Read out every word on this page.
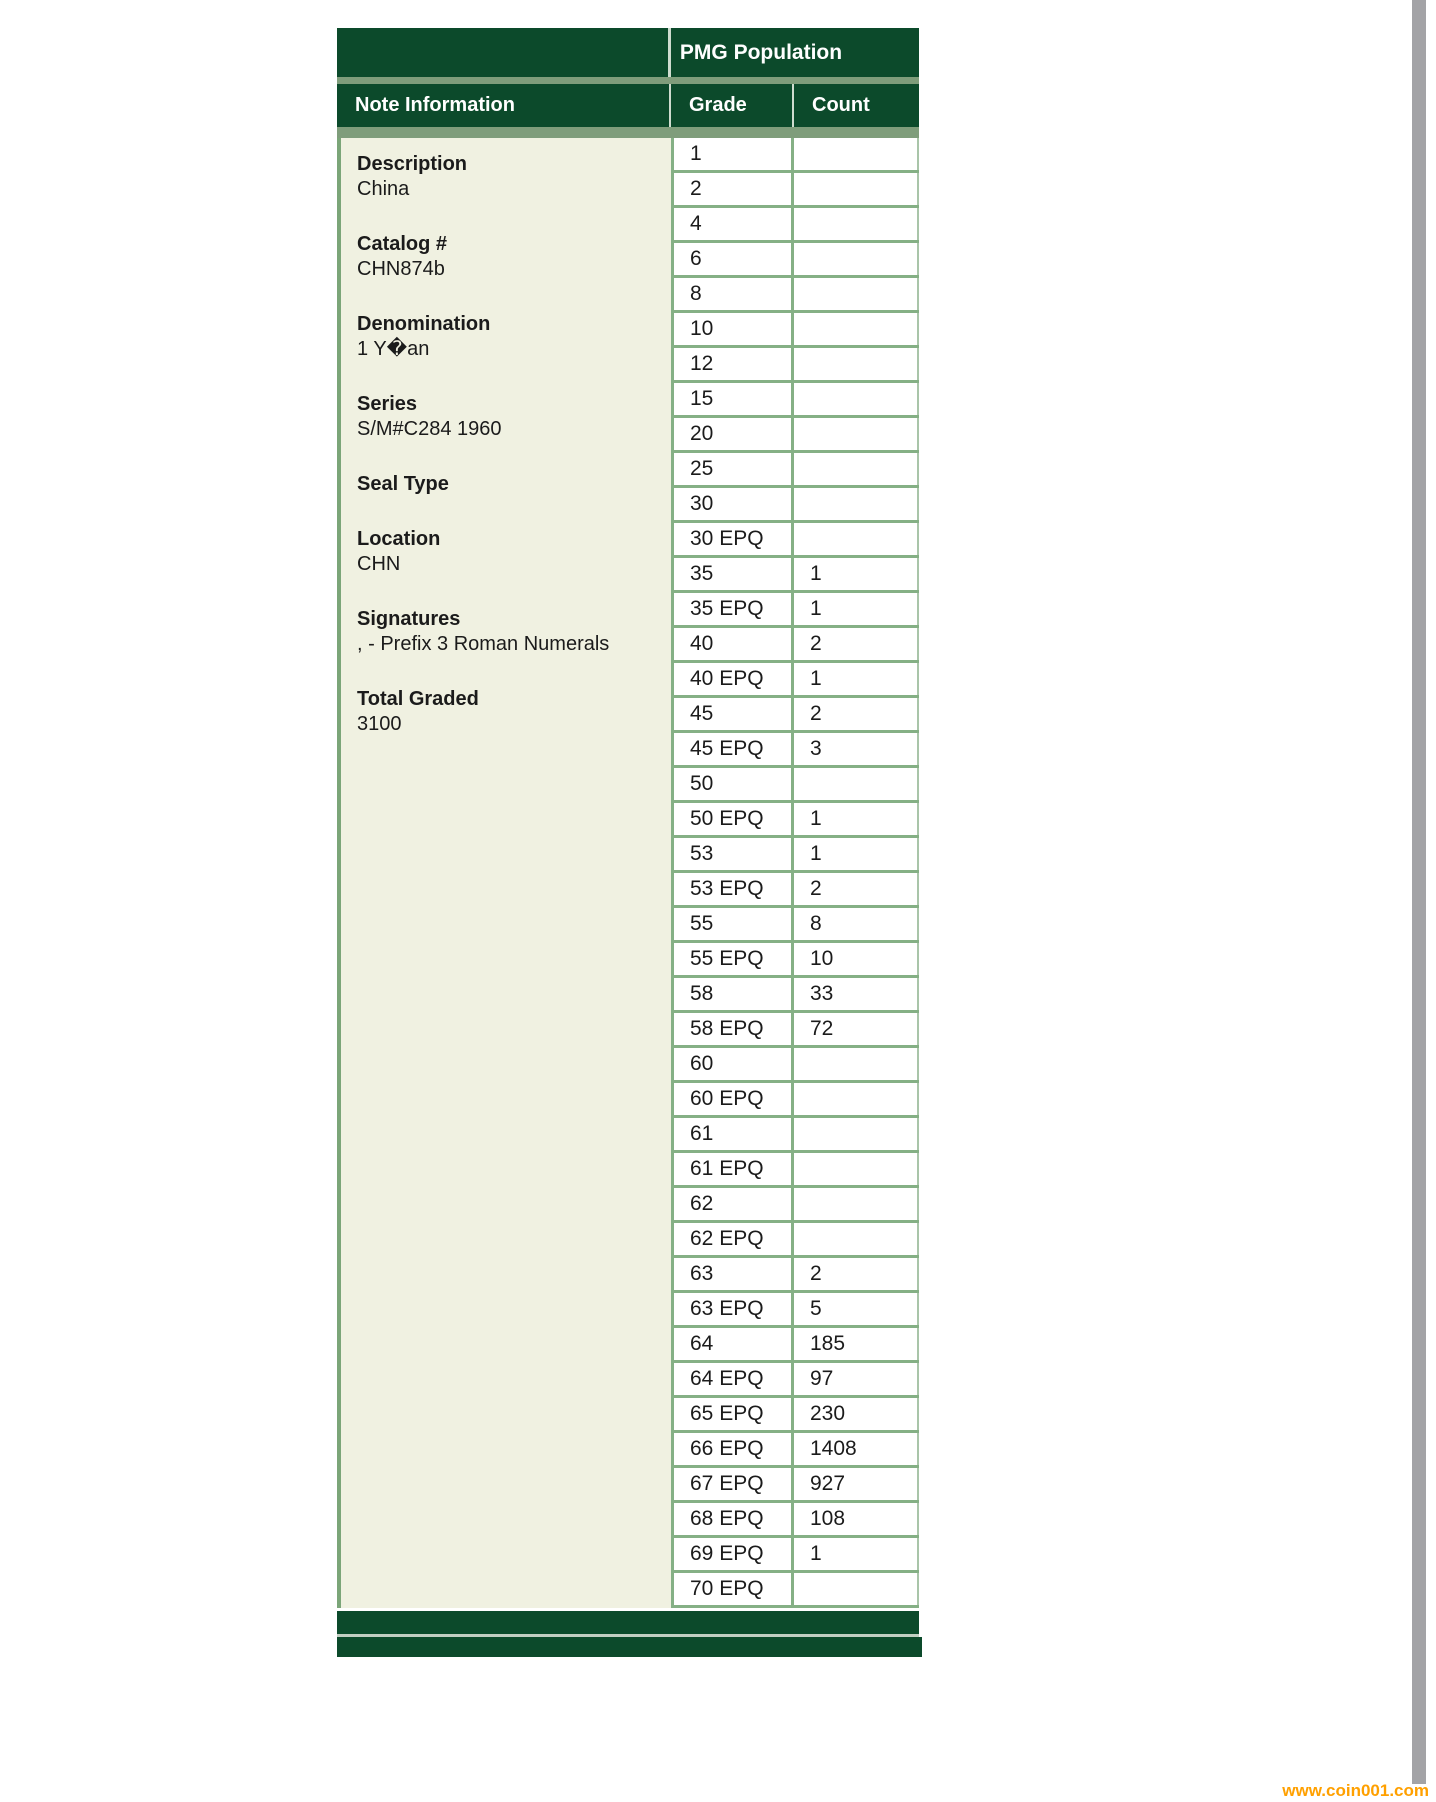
PMG Population
Note Information	Grade	Count
Description
China
Catalog #
CHN874b
Denomination
1 Y�an
Series
S/M#C284 1960
Seal Type
Location
CHN
Signatures
, - Prefix 3 Roman Numerals
Total Graded
3100
1
2
4
6
8
10
12
15
20
25
30
30 EPQ
35	1
35 EPQ	1
40	2
40 EPQ	1
45	2
45 EPQ	3
50
50 EPQ	1
53	1
53 EPQ	2
55	8
55 EPQ	10
58	33
58 EPQ	72
60
60 EPQ
61
61 EPQ
62
62 EPQ
63	2
63 EPQ	5
64	185
64 EPQ	97
65 EPQ	230
66 EPQ	1408
67 EPQ	927
68 EPQ	108
69 EPQ	1
70 EPQ
www.coin001.com
